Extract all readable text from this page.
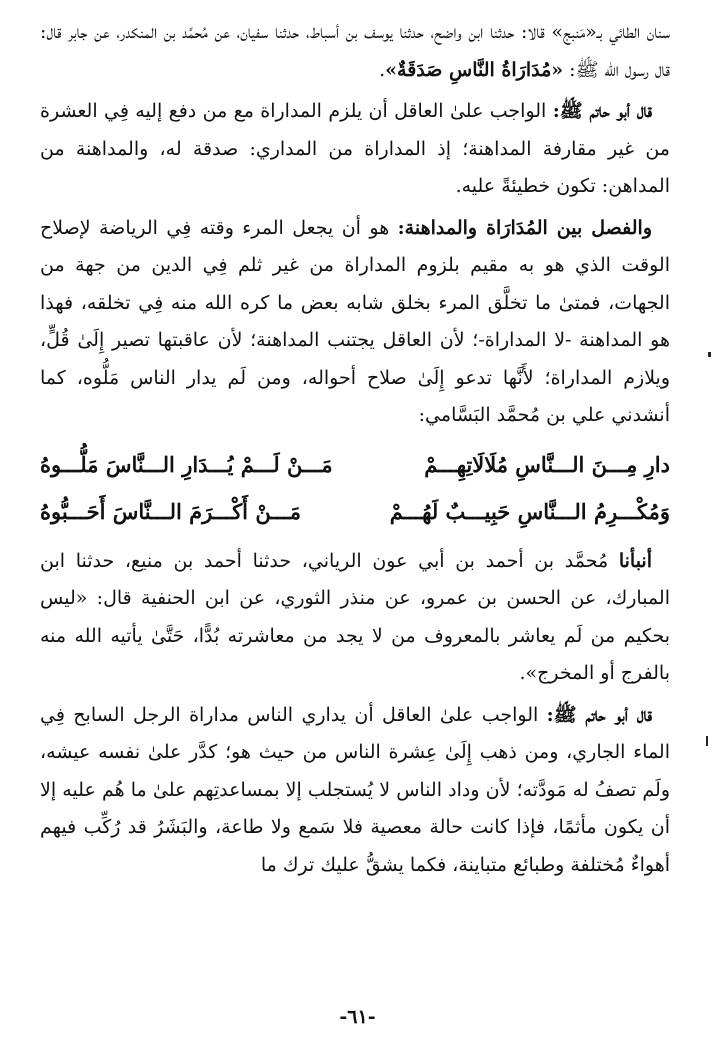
سنان الطائي بـ«مَنبج» قالا: حدثنا ابن واضح، حدثنا يوسف بن أسباط، حدثنا سفيان، عن مُحمَّد بن المنكدر، عن جابر قال: قال رسول الله ﷺ: «مُدَارَاةُ النَّاسِ صَدَقَةٌ».

قال أبو حاتم ﷺ: الواجب علىٰ العاقل أن يلزم المداراة مع من دفع إليه فِي العشرة من غير مقارفة المداهنة؛ إذ المداراة من المداري: صدقة له، والمداهنة من المداهن: تكون خطيئةً عليه.

والفصل بين المُدَارَاة والمداهنة: هو أن يجعل المرء وقته فِي الرياضة لإصلاح الوقت الذي هو به مقيم بلزوم المداراة من غير ثلم فِي الدين من جهة من الجهات، فمتىٰ ما تخلَّق المرء بخلق شابه بعض ما كره الله منه فِي تخلقه، فهذا هو المداهنة -لا المداراة-؛ لأن العاقل يجتنب المداهنة؛ لأن عاقبتها تصير إِلَىٰ قُلٍّ، ويلازم المداراة؛ لأَنَّها تدعو إِلَىٰ صلاح أحواله، ومن لَم يدار الناس مَلُّوه، كما أنشدني علي بن مُحمَّد البَسَّامي:

دارِ مِـــنَ الـــنَّاسِ مُلَالَاتِهِـــمْ
مَـــنْ لَـــمْ يُـــدَارِ الـــنَّاسَ مَلُّـــوهُ
وَمُكْـــرِمُ الـــنَّاسِ حَبِيـــبٌ لَهُـــمْ
مَـــنْ أَكْـــرَمَ الـــنَّاسَ أَحَـــبُّوهُ

أنبأنا مُحمَّد بن أحمد بن أبي عون الرياني، حدثنا أحمد بن منيع، حدثنا ابن المبارك، عن الحسن بن عمرو، عن منذر الثوري، عن ابن الحنفية قال: «ليس بحكيم من لَم يعاشر بالمعروف من لا يجد من معاشرته بُدًّا، حَتَّىٰ يأتيه الله منه بالفرج أو المخرج».

قال أبو حاتم ﷺ: الواجب علىٰ العاقل أن يداري الناس مداراة الرجل السابح فِي الماء الجاري، ومن ذهب إِلَىٰ عِشرة الناس من حيث هو؛ كدَّر علىٰ نفسه عيشه، ولَم تصفُ له مَودَّته؛ لأن وداد الناس لا يُستجلب إلا بمساعدتِهم علىٰ ما هُم عليه إلا أن يكون مأثمًا، فإذا كانت حالة معصية فلا سَمع ولا طاعة، والبَشَرُ قد رُكِّب فيهم أهواءٌ مُختلفة وطبائع متباينة، فكما يشقُّ عليك ترك ما

-٦١-
